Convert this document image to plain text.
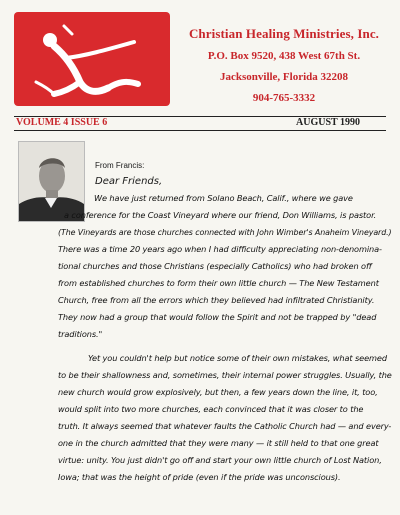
Christian Healing Ministries, Inc.
P.O. Box 9520, 438 West 67th St.
Jacksonville, Florida 32208
904-765-3332
VOLUME 4 ISSUE 6	AUGUST 1990
From Francis:
Dear Friends,
We have just returned from Solano Beach, Calif., where we gave
a conference for the Coast Vineyard where our friend, Don Williams, is pastor.
(The Vineyards are those churches connected with John Wimber's Anaheim Vineyard.)
There was a time 20 years ago when I had difficulty appreciating non-denomina-
tional churches and those Christians (especially Catholics) who had broken off
from established churches to form their own little church — The New Testament
Church, free from all the errors which they believed had infiltrated Christianity.
They now had a group that would follow the Spirit and not be trapped by "dead
traditions."
Yet you couldn't help but notice some of their own mistakes, what seemed
to be their shallowness and, sometimes, their internal power struggles. Usually, the
new church would grow explosively, but then, a few years down the line, it, too,
would split into two more churches, each convinced that it was closer to the
truth. It always seemed that whatever faults the Catholic Church had — and every-
one in the church admitted that they were many — it still held to that one great
virtue: unity. You just didn't go off and start your own little church of Lost Nation,
Iowa; that was the height of pride (even if the pride was unconscious).
